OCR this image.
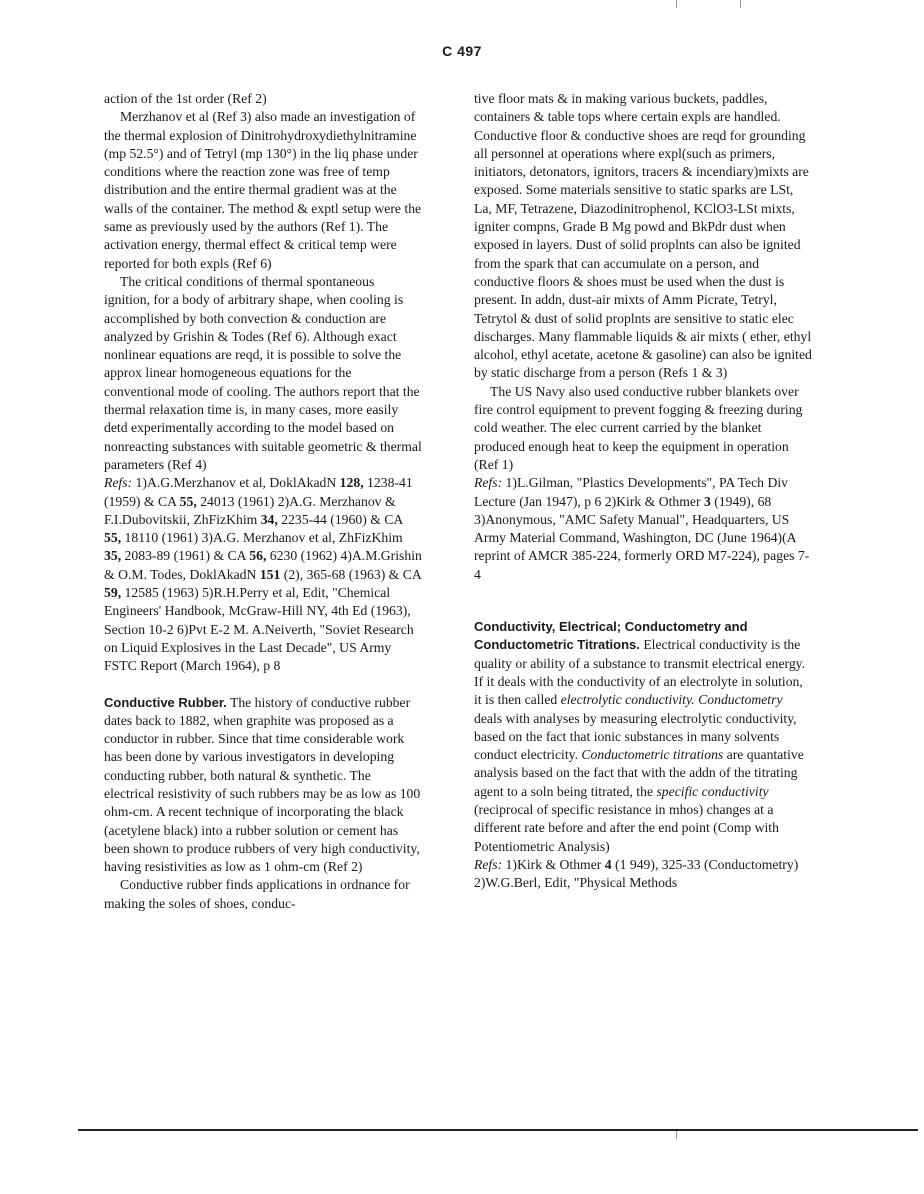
C 497

action of the 1st order (Ref 2)

Merzhanov et al (Ref 3) also made an investigation of the thermal explosion of Dinitrohydroxydiethylnitramine (mp 52.5°) and of Tetryl (mp 130°) in the liq phase under conditions where the reaction zone was free of temp distribution and the entire thermal gradient was at the walls of the container. The method & exptl setup were the same as previously used by the authors (Ref 1). The activation energy, thermal effect & critical temp were reported for both expls (Ref 6)

The critical conditions of thermal spontaneous ignition, for a body of arbitrary shape, when cooling is accomplished by both convection & conduction are analyzed by Grishin & Todes (Ref 6). Although exact nonlinear equations are reqd, it is possible to solve the approx linear homogeneous equations for the conventional mode of cooling. The authors report that the thermal relaxation time is, in many cases, more easily detd experimentally according to the model based on nonreacting substances with suitable geometric & thermal parameters (Ref 4)

Refs: 1)A.G.Merzhanov et al, DoklAkadN 128, 1238-41 (1959) & CA 55, 24013 (1961) 2)A.G. Merzhanov & F.I.Dubovitskii, ZhFizKhim 34, 2235-44 (1960) & CA 55, 18110 (1961) 3)A.G. Merzhanov et al, ZhFizKhim 35, 2083-89 (1961) & CA 56, 6230 (1962) 4)A.M.Grishin & O.M. Todes, DoklAkadN 151 (2), 365-68 (1963) & CA 59, 12585 (1963) 5)R.H.Perry et al, Edit, "Chemical Engineers' Handbook, McGraw-Hill NY, 4th Ed (1963), Section 10-2 6)Pvt E-2 M. A.Neiverth, "Soviet Research on Liquid Explosives in the Last Decade", US Army FSTC Report (March 1964), p 8

Conductive Rubber. The history of conductive rubber dates back to 1882, when graphite was proposed as a conductor in rubber. Since that time considerable work has been done by various investigators in developing conducting rubber, both natural & synthetic. The electrical resistivity of such rubbers may be as low as 100 ohm-cm. A recent technique of incorporating the black (acetylene black) into a rubber solution or cement has been shown to produce rubbers of very high conductivity, having resistivities as low as 1 ohm-cm (Ref 2)

Conductive rubber finds applications in ordnance for making the soles of shoes, conduc-

tive floor mats & in making various buckets, paddles, containers & table tops where certain expls are handled. Conductive floor & conductive shoes are reqd for grounding all personnel at operations where expl(such as primers, initiators, detonators, ignitors, tracers & incendiary)mixts are exposed. Some materials sensitive to static sparks are LSt, La, MF, Tetrazene, Diazodinitrophenol, KClO3-LSt mixts, igniter compns, Grade B Mg powd and BkPdr dust when exposed in layers. Dust of solid proplnts can also be ignited from the spark that can accumulate on a person, and conductive floors & shoes must be used when the dust is present. In addn, dust-air mixts of Amm Picrate, Tetryl, Tetrytol & dust of solid proplnts are sensitive to static elec discharges. Many flammable liquids & air mixts ( ether, ethyl alcohol, ethyl acetate, acetone & gasoline) can also be ignited by static discharge from a person (Refs 1 & 3)

The US Navy also used conductive rubber blankets over fire control equipment to prevent fogging & freezing during cold weather. The elec current carried by the blanket produced enough heat to keep the equipment in operation (Ref 1)

Refs: 1)L.Gilman, "Plastics Developments", PA Tech Div Lecture (Jan 1947), p 6 2)Kirk & Othmer 3 (1949), 68 3)Anonymous, "AMC Safety Manual", Headquarters, US Army Material Command, Washington, DC (June 1964)(A reprint of AMCR 385-224, formerly ORD M7-224), pages 7-4

Conductivity, Electrical; Conductometry and Conductometric Titrations. Electrical conductivity is the quality or ability of a substance to transmit electrical energy. If it deals with the conductivity of an electrolyte in solution, it is then called electrolytic conductivity. Conductometry deals with analyses by measuring electrolytic conductivity, based on the fact that ionic substances in many solvents conduct electricity. Conductometric titrations are quantative analysis based on the fact that with the addn of the titrating agent to a soln being titrated, the specific conductivity (reciprocal of specific resistance in mhos) changes at a different rate before and after the end point (Comp with Potentiometric Analysis)

Refs: 1)Kirk & Othmer 4 (1 949), 325-33 (Conductometry) 2)W.G.Berl, Edit, "Physical Methods
